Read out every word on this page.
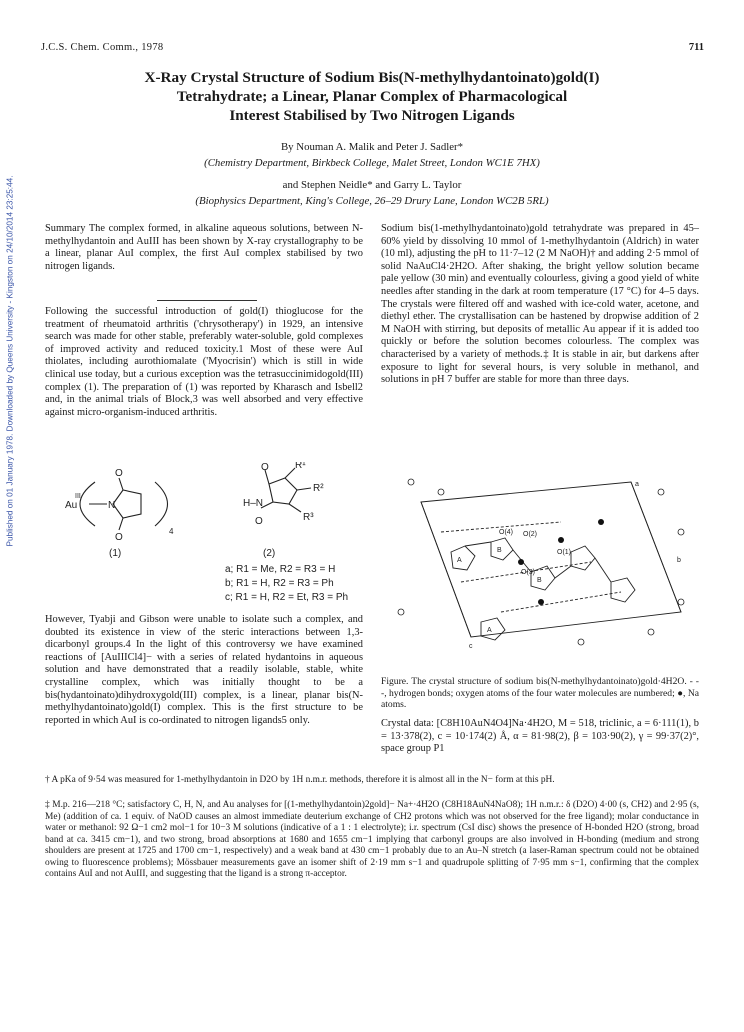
J.C.S. Chem. Comm., 1978	711
X-Ray Crystal Structure of Sodium Bis(N-methylhydantoinato)gold(I)
Tetrahydrate; a Linear, Planar Complex of Pharmacological
Interest Stabilised by Two Nitrogen Ligands
By Nouman A. Malik and Peter J. Sadler*
(Chemistry Department, Birkbeck College, Malet Street, London WC1E 7HX)
and Stephen Neidle* and Garry L. Taylor
(Biophysics Department, King's College, 26–29 Drury Lane, London WC2B 5RL)
Published on 01 January 1978. Downloaded by Queens University - Kingston on 24/10/2014 23:25:44.	Summary The complex formed, in alkaline aqueous solutions, between N-methylhydantoin and AuIII has been shown by X-ray crystallography to be a linear, planar AuI complex, the first AuI complex stabilised by two nitrogen ligands.

Following the successful introduction of gold(I) thioglucose for the treatment of rheumatoid arthritis ('chrysotherapy') in 1929, an intensive search was made for other stable, preferably water-soluble, gold complexes of improved activity and reduced toxicity.1 Most of these were AuI thiolates, including aurothiomalate ('Myocrisin') which is still in wide clinical use today, but a curious exception was the tetrasuccinimidogold(III) complex (1). The preparation of (1) was reported by Kharasch and Isbell2 and, in the animal trials of Block,3 was well absorbed and very effective against micro-organism-induced arthritis.

Sodium bis(1-methylhydantoinato)gold tetrahydrate was prepared in 45–60% yield by dissolving 10 mmol of 1-methylhydantoin (Aldrich) in water (10 ml), adjusting the pH to 11·7–12 (2 M NaOH)† and adding 2·5 mmol of solid NaAuCl4·2H2O. After shaking, the bright yellow solution became pale yellow (30 min) and eventually colourless, giving a good yield of white needles after standing in the dark at room temperature (17 °C) for 4–5 days. The crystals were filtered off and washed with ice-cold water, acetone, and diethyl ether. The crystallisation can be hastened by dropwise addition of 2 M NaOH with stirring, but deposits of metallic Au appear if it is added too quickly or before the solution becomes colourless. The complex was characterised by a variety of methods.‡ It is stable in air, but darkens after exposure to light for several hours, is very soluble in methanol, and solutions in pH 7 buffer are stable for more than three days.

Au
III
N
O
O
4
H–N
O	R¹
R²
R³
O
(1)	(2)
a; R1 = Me, R2 = R3 = H
b; R1 = H, R2 = R3 = Ph
c; R1 = H, R2 = Et, R3 = Ph

However, Tyabji and Gibson were unable to isolate such a complex, and doubted its existence in view of the steric interactions between 1,3-dicarbonyl groups.4 In the light of this controversy we have examined reactions of [AuIIICl4]− with a series of related hydantoins in aqueous solution and have demonstrated that a readily isolable, stable, white crystalline complex, which was initially thought to be a bis(hydantoinato)dihydroxygold(III) complex, is a linear, planar bis(N-methylhydantoinato)gold(I) complex. This is the first structure to be reported in which AuI is co-ordinated to nitrogen ligands5 only.

O(4) O(2)
O(1)
O(3)
A
B
B
A
a
b
c
Figure. The crystal structure of sodium bis(N-methylhydantoinato)gold·4H2O. - - -, hydrogen bonds; oxygen atoms of the four water molecules are numbered; ●, Na atoms.

Crystal data: [C8H10AuN4O4]Na·4H2O, M = 518, triclinic, a = 6·111(1), b = 13·378(2), c = 10·174(2) Å, α = 81·98(2), β = 103·90(2), γ = 99·37(2)°, space group P1

† A pKa of 9·54 was measured for 1-methylhydantoin in D2O by 1H n.m.r. methods, therefore it is almost all in the N− form at this pH.
‡ M.p. 216—218 °C; satisfactory C, H, N, and Au analyses for [(1-methylhydantoin)2gold]− Na+·4H2O (C8H18AuN4NaO8); 1H n.m.r.: δ (D2O) 4·00 (s, CH2) and 2·95 (s, Me) (addition of ca. 1 equiv. of NaOD causes an almost immediate deuterium exchange of CH2 protons which was not observed for the free ligand); molar conductance in water or methanol: 92 Ω−1 cm2 mol−1 for 10−3 M solutions (indicative of a 1 : 1 electrolyte); i.r. spectrum (CsI disc) shows the presence of H-bonded H2O (strong, broad band at ca. 3415 cm−1), and two strong, broad absorptions at 1680 and 1655 cm−1 implying that carbonyl groups are also involved in H-bonding (medium and strong shoulders are present at 1725 and 1700 cm−1, respectively) and a weak band at 430 cm−1 probably due to an Au–N stretch (a laser-Raman spectrum could not be obtained owing to fluorescence problems); Mössbauer measurements gave an isomer shift of 2·19 mm s−1 and quadrupole splitting of 7·95 mm s−1, confirming that the complex contains AuI and not AuIII, and suggesting that the ligand is a strong π-acceptor.
